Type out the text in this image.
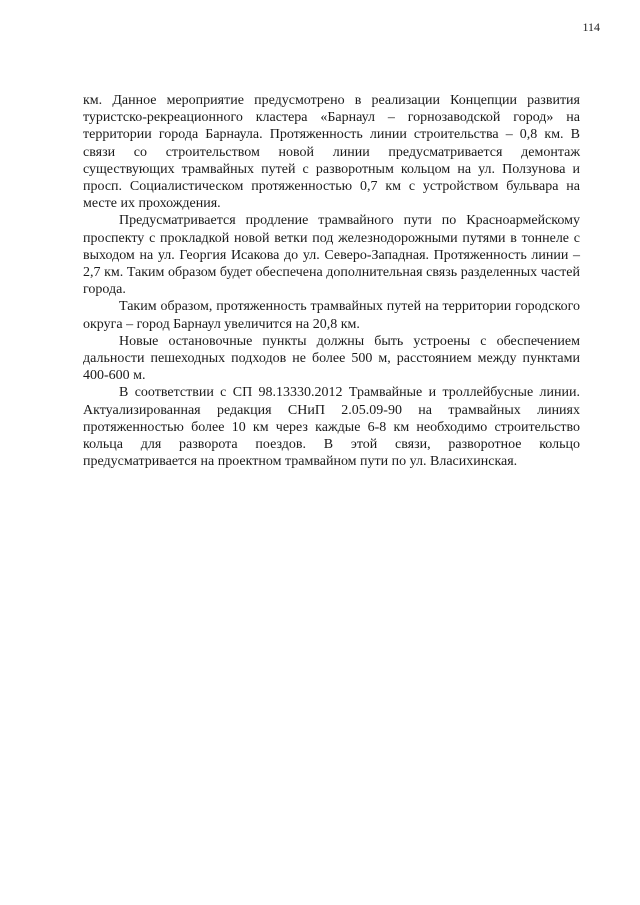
114

км. Данное мероприятие предусмотрено в реализации Концепции развития туристско-рекреационного кластера «Барнаул – горнозаводской город» на территории города Барнаула. Протяженность линии строительства – 0,8 км. В связи со строительством новой линии предусматривается демонтаж существующих трамвайных путей с разворотным кольцом на ул. Ползунова и просп. Социалистическом протяженностью 0,7 км с устройством бульвара на месте их прохождения.

Предусматривается продление трамвайного пути по Красноармейскому проспекту с прокладкой новой ветки под железнодорожными путями в тоннеле с выходом на ул. Георгия Исакова до ул. Северо-Западная. Протяженность линии – 2,7 км. Таким образом будет обеспечена дополнительная связь разделенных частей города.

Таким образом, протяженность трамвайных путей на территории городского округа – город Барнаул увеличится на 20,8 км.

Новые остановочные пункты должны быть устроены с обеспечением дальности пешеходных подходов не более 500 м, расстоянием между пунктами 400-600 м.

В соответствии с СП 98.13330.2012 Трамвайные и троллейбусные линии. Актуализированная редакция СНиП 2.05.09-90 на трамвайных линиях протяженностью более 10 км через каждые 6-8 км необходимо строительство кольца для разворота поездов. В этой связи, разворотное кольцо предусматривается на проектном трамвайном пути по ул. Власихинская.
